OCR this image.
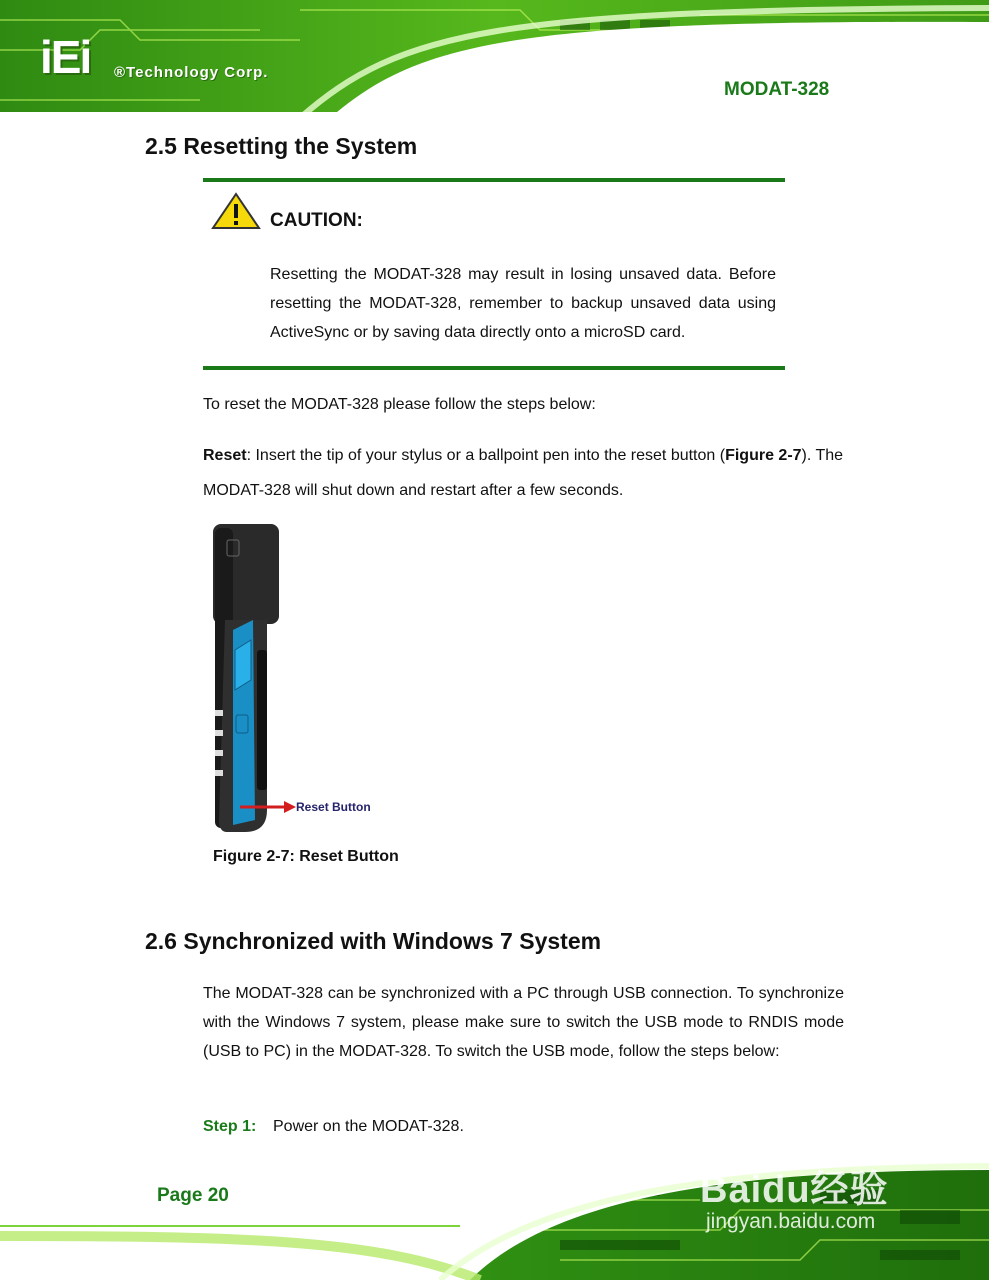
iEi ®Technology Corp.
MODAT-328
2.5 Resetting the System
CAUTION:
Resetting the MODAT-328 may result in losing unsaved data. Before resetting the MODAT-328, remember to backup unsaved data using ActiveSync or by saving data directly onto a microSD card.
To reset the MODAT-328 please follow the steps below:
Reset: Insert the tip of your stylus or a ballpoint pen into the reset button (Figure 2-7). The
MODAT-328 will shut down and restart after a few seconds.
Reset Button
Figure 2-7: Reset Button
2.6 Synchronized with Windows 7 System
The MODAT-328 can be synchronized with a PC through USB connection. To synchronize with the Windows 7 system, please make sure to switch the USB mode to RNDIS mode (USB to PC) in the MODAT-328. To switch the USB mode, follow the steps below:
Step 1: Power on the MODAT-328.
Page 20	Baidu经验
jingyan.baidu.com
